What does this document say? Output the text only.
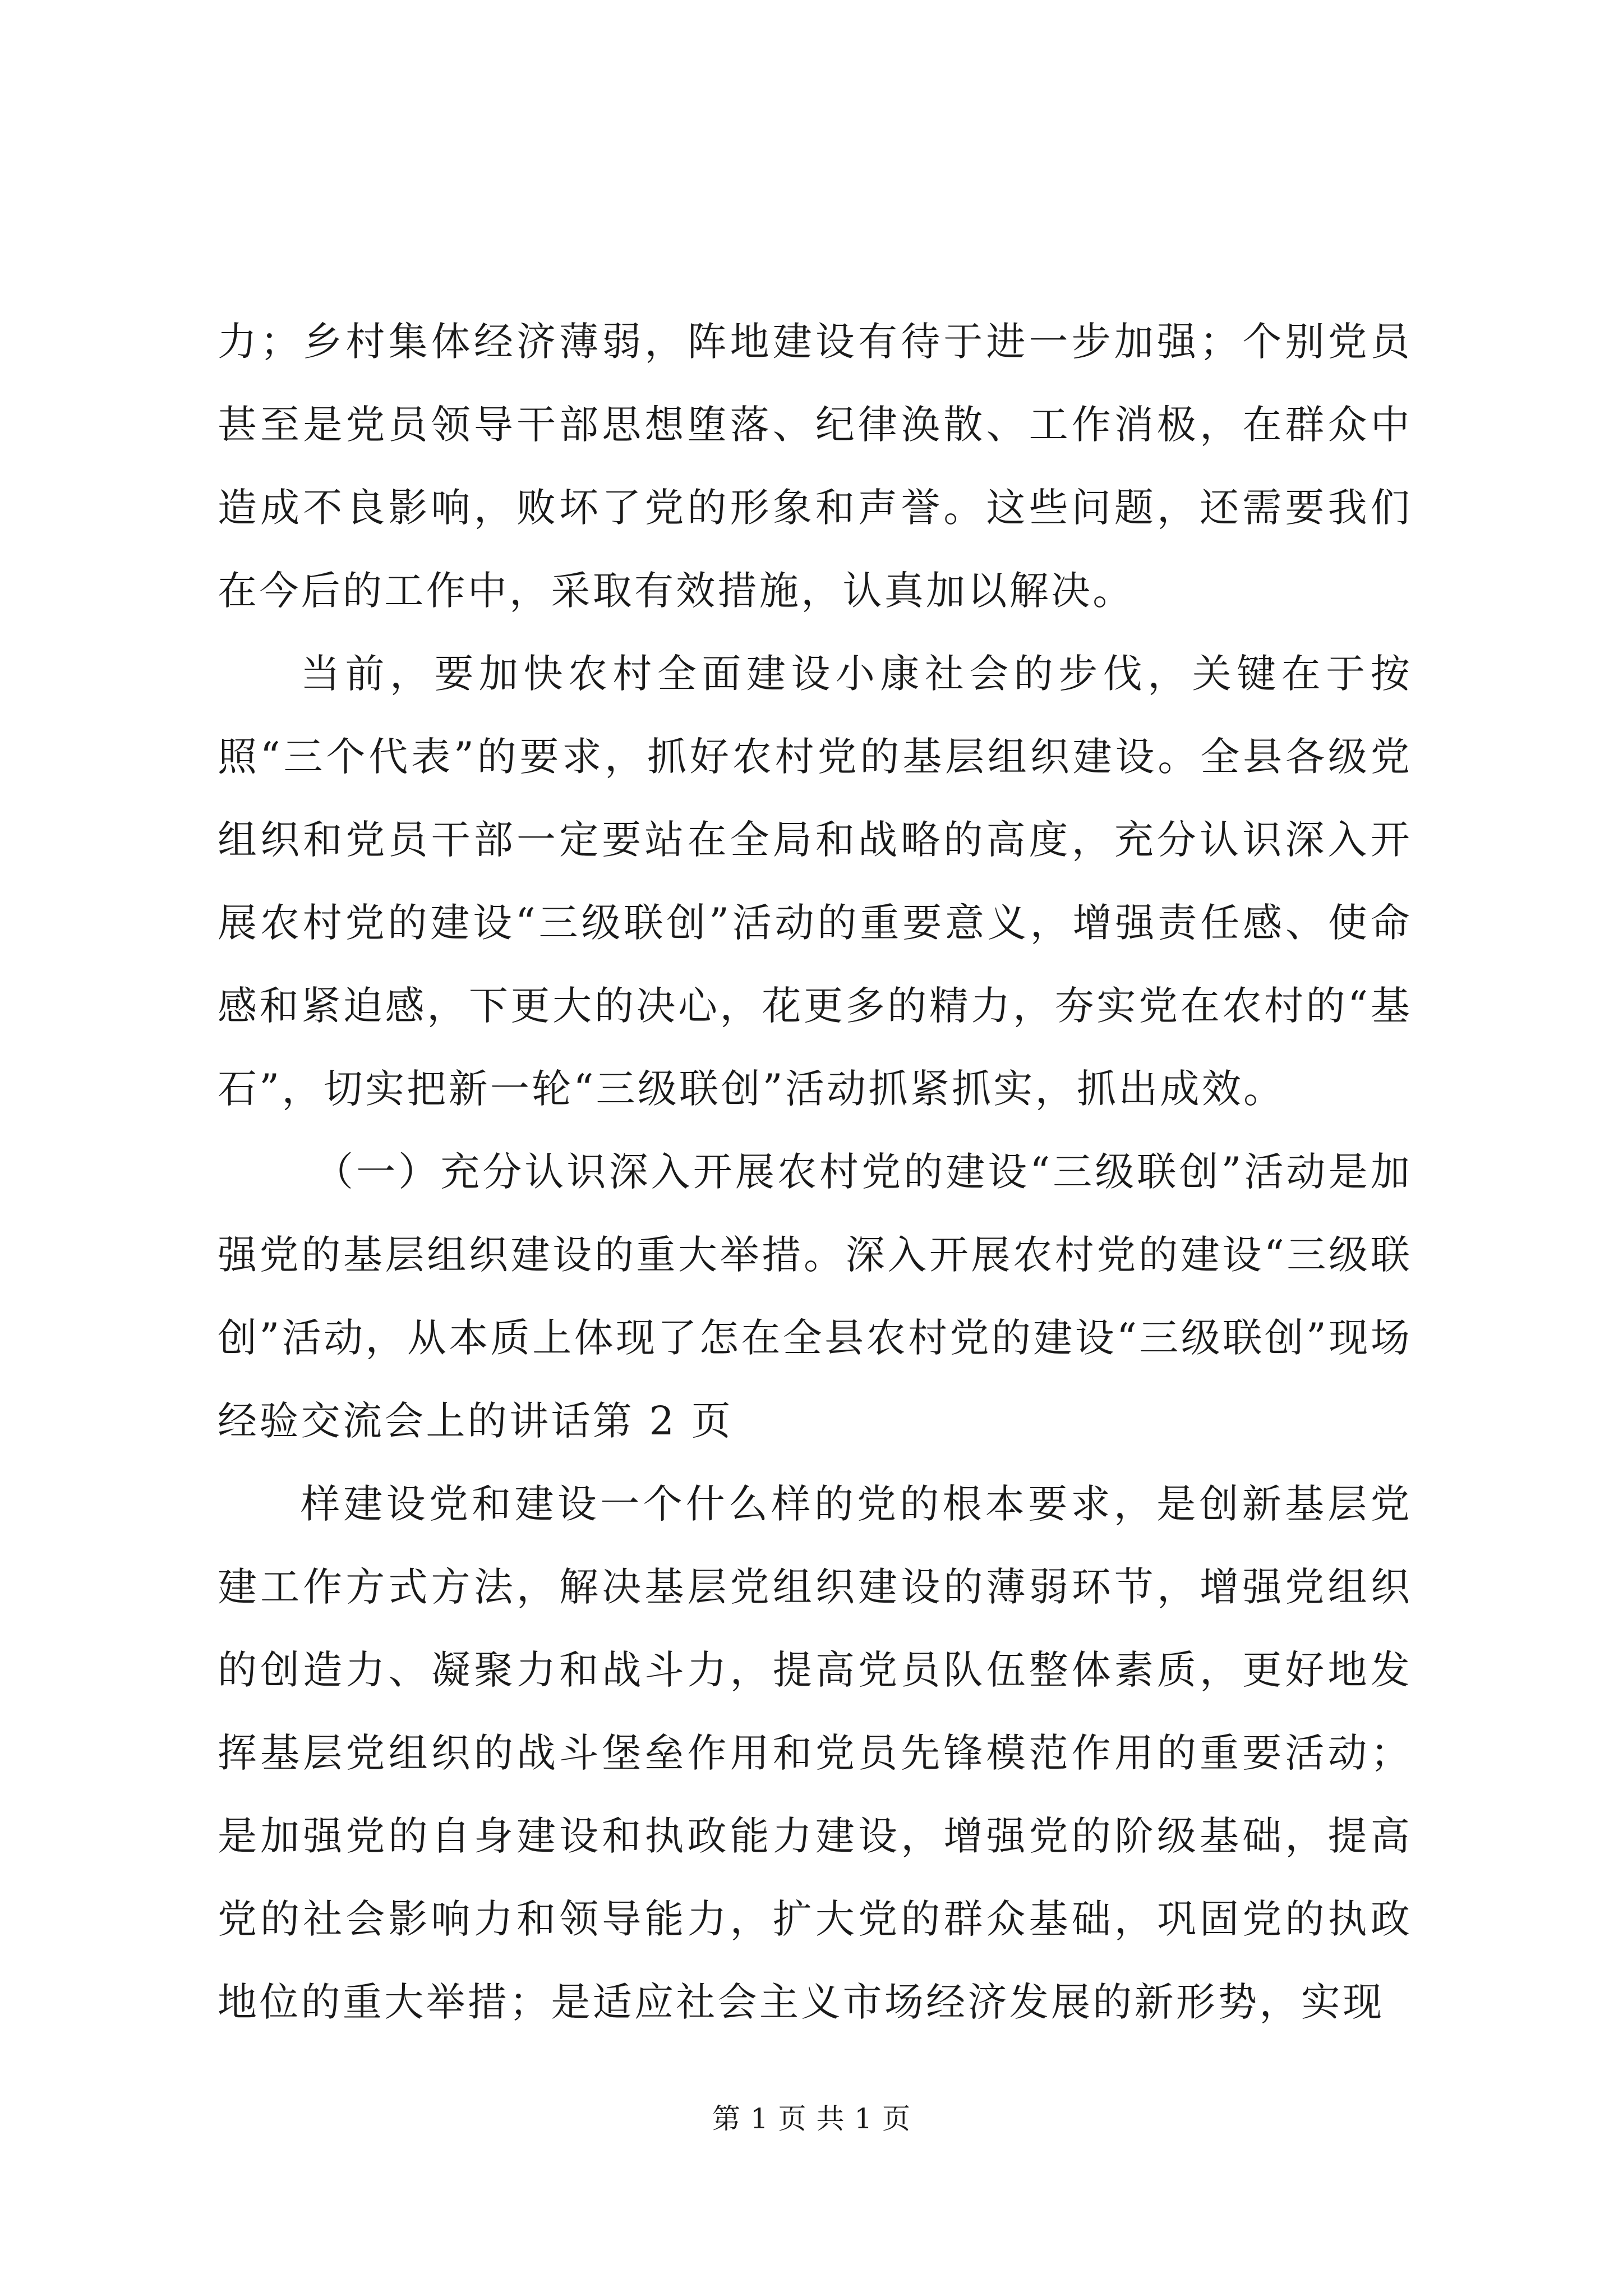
力；乡村集体经济薄弱，阵地建设有待于进一步加强；个别党员甚至是党员领导干部思想堕落、纪律涣散、工作消极，在群众中造成不良影响，败坏了党的形象和声誉。这些问题，还需要我们在今后的工作中，采取有效措施，认真加以解决。

当前，要加快农村全面建设小康社会的步伐，关键在于按照“三个代表”的要求，抓好农村党的基层组织建设。全县各级党组织和党员干部一定要站在全局和战略的高度，充分认识深入开展农村党的建设“三级联创”活动的重要意义，增强责任感、使命感和紧迫感，下更大的决心，花更多的精力，夯实党在农村的“基石”，切实把新一轮“三级联创”活动抓紧抓实，抓出成效。

（一）充分认识深入开展农村党的建设“三级联创”活动是加强党的基层组织建设的重大举措。深入开展农村党的建设“三级联创”活动，从本质上体现了怎在全县农村党的建设“三级联创”现场经验交流会上的讲话第 2 页

样建设党和建设一个什么样的党的根本要求，是创新基层党建工作方式方法，解决基层党组织建设的薄弱环节，增强党组织的创造力、凝聚力和战斗力，提高党员队伍整体素质，更好地发挥基层党组织的战斗堡垒作用和党员先锋模范作用的重要活动；是加强党的自身建设和执政能力建设，增强党的阶级基础，提高党的社会影响力和领导能力，扩大党的群众基础，巩固党的执政地位的重大举措；是适应社会主义市场经济发展的新形势，实现

第 1 页 共 1 页
